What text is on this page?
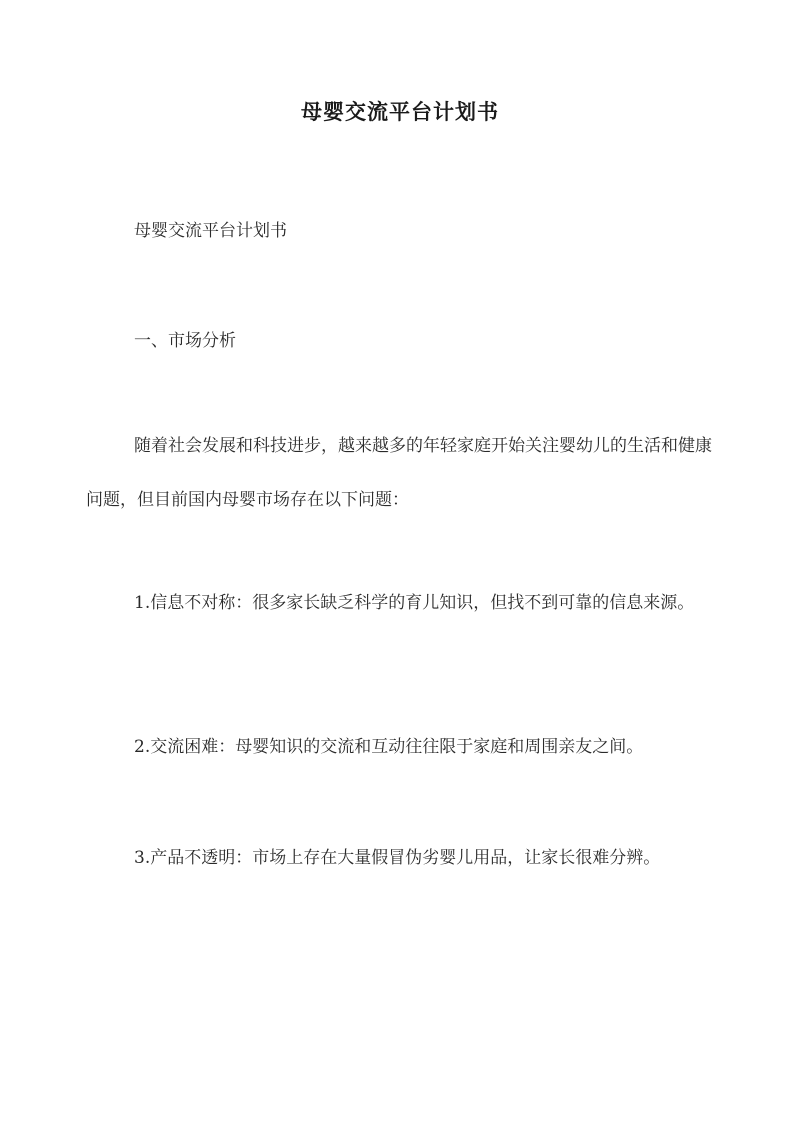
母婴交流平台计划书

母婴交流平台计划书

一、市场分析

随着社会发展和科技进步，越来越多的年轻家庭开始关注婴幼儿的生活和健康问题，但目前国内母婴市场存在以下问题：

1.信息不对称：很多家长缺乏科学的育儿知识，但找不到可靠的信息来源。

2.交流困难：母婴知识的交流和互动往往限于家庭和周围亲友之间。

3.产品不透明：市场上存在大量假冒伪劣婴儿用品，让家长很难分辨。
